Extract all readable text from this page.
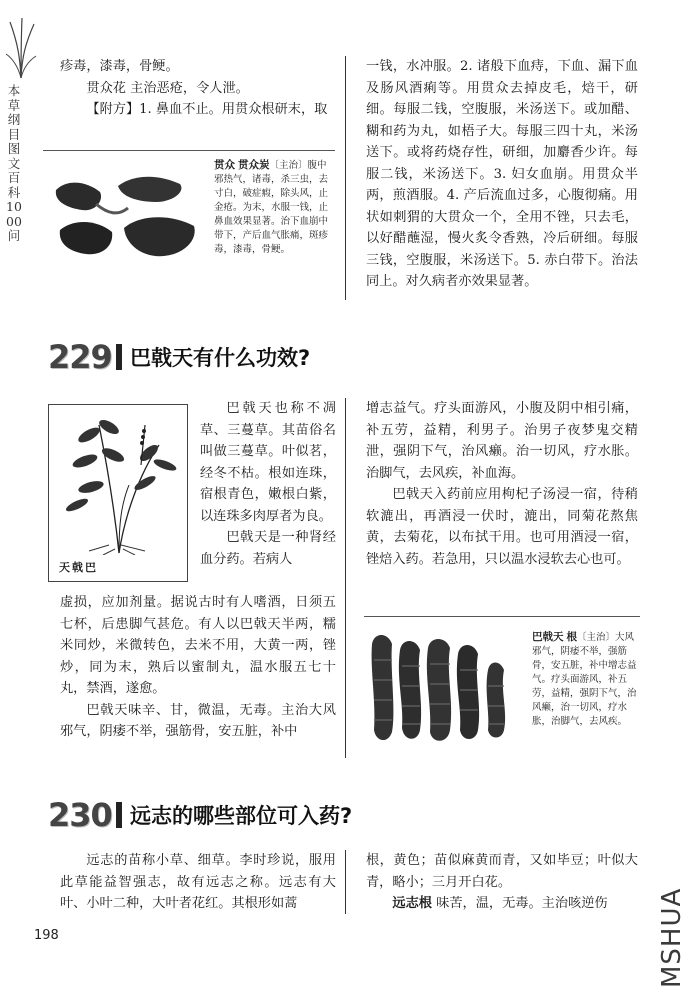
本草纲目图文百科1000问

疹毒，漆毒，骨鲠。

贯众花 主治恶疮，令人泄。

【附方】1. 鼻血不止。用贯众根研末，取

贯众 贯众炭〔主治〕腹中邪热气，诸毒，杀三虫，去寸白，破症瘕，除头风，止金疮。为末，水服一钱，止鼻血效果显著。治下血崩中带下，产后血气胀痛，斑疹毒，漆毒，骨鲠。

一钱，水冲服。2. 诸般下血痔，下血、漏下血及肠风酒痢等。用贯众去掉皮毛，焙干，研细。每服二钱，空腹服，米汤送下。或加醋、糊和药为丸，如梧子大。每服三四十丸，米汤送下。或将药烧存性，研细，加麝香少许。每服二钱，米汤送下。3. 妇女血崩。用贯众半两，煎酒服。4. 产后流血过多，心腹彻痛。用状如刺猬的大贯众一个，全用不锉，只去毛，以好醋蘸湿，慢火炙令香熟，冷后研细。每服三钱，空腹服，米汤送下。5. 赤白带下。治法同上。对久病者亦效果显著。

229 巴戟天有什么功效?
天戟巴

巴戟天也称不凋草、三蔓草。其苗俗名叫做三蔓草。叶似茗，经冬不枯。根如连珠，宿根青色，嫩根白紫，以连珠多肉厚者为良。

巴戟天是一种肾经血分药。若病人

虚损，应加剂量。据说古时有人嗜酒，日须五七杯，后患脚气甚危。有人以巴戟天半两，糯米同炒，米微转色，去米不用，大黄一两，锉炒，同为末，熟后以蜜制丸，温水服五七十丸，禁酒，遂愈。

巴戟天味辛、甘，微温，无毒。主治大风邪气，阴痿不举，强筋骨，安五脏，补中

增志益气。疗头面游风，小腹及阴中相引痛，补五劳，益精，利男子。治男子夜梦鬼交精泄，强阴下气，治风癞。治一切风，疗水胀。治脚气，去风疾，补血海。

巴戟天入药前应用枸杞子汤浸一宿，待稍软漉出，再酒浸一伏时，漉出，同菊花熬焦黄，去菊花，以布拭干用。也可用酒浸一宿，锉焙入药。若急用，只以温水浸软去心也可。

巴戟天 根〔主治〕大风邪气，阴痿不举，强筋骨，安五脏，补中增志益气。疗头面游风，补五劳，益精，强阴下气，治风癞，治一切风，疗水胀，治脚气，去风疾。
230 远志的哪些部位可入药?

远志的苗称小草、细草。李时珍说，服用此草能益智强志，故有远志之称。远志有大叶、小叶二种，大叶者花红。其根形如蒿

根，黄色；苗似麻黄而青，又如毕豆；叶似大青，略小；三月开白花。

远志根 味苦，温，无毒。主治咳逆伤

198	MSHUA
